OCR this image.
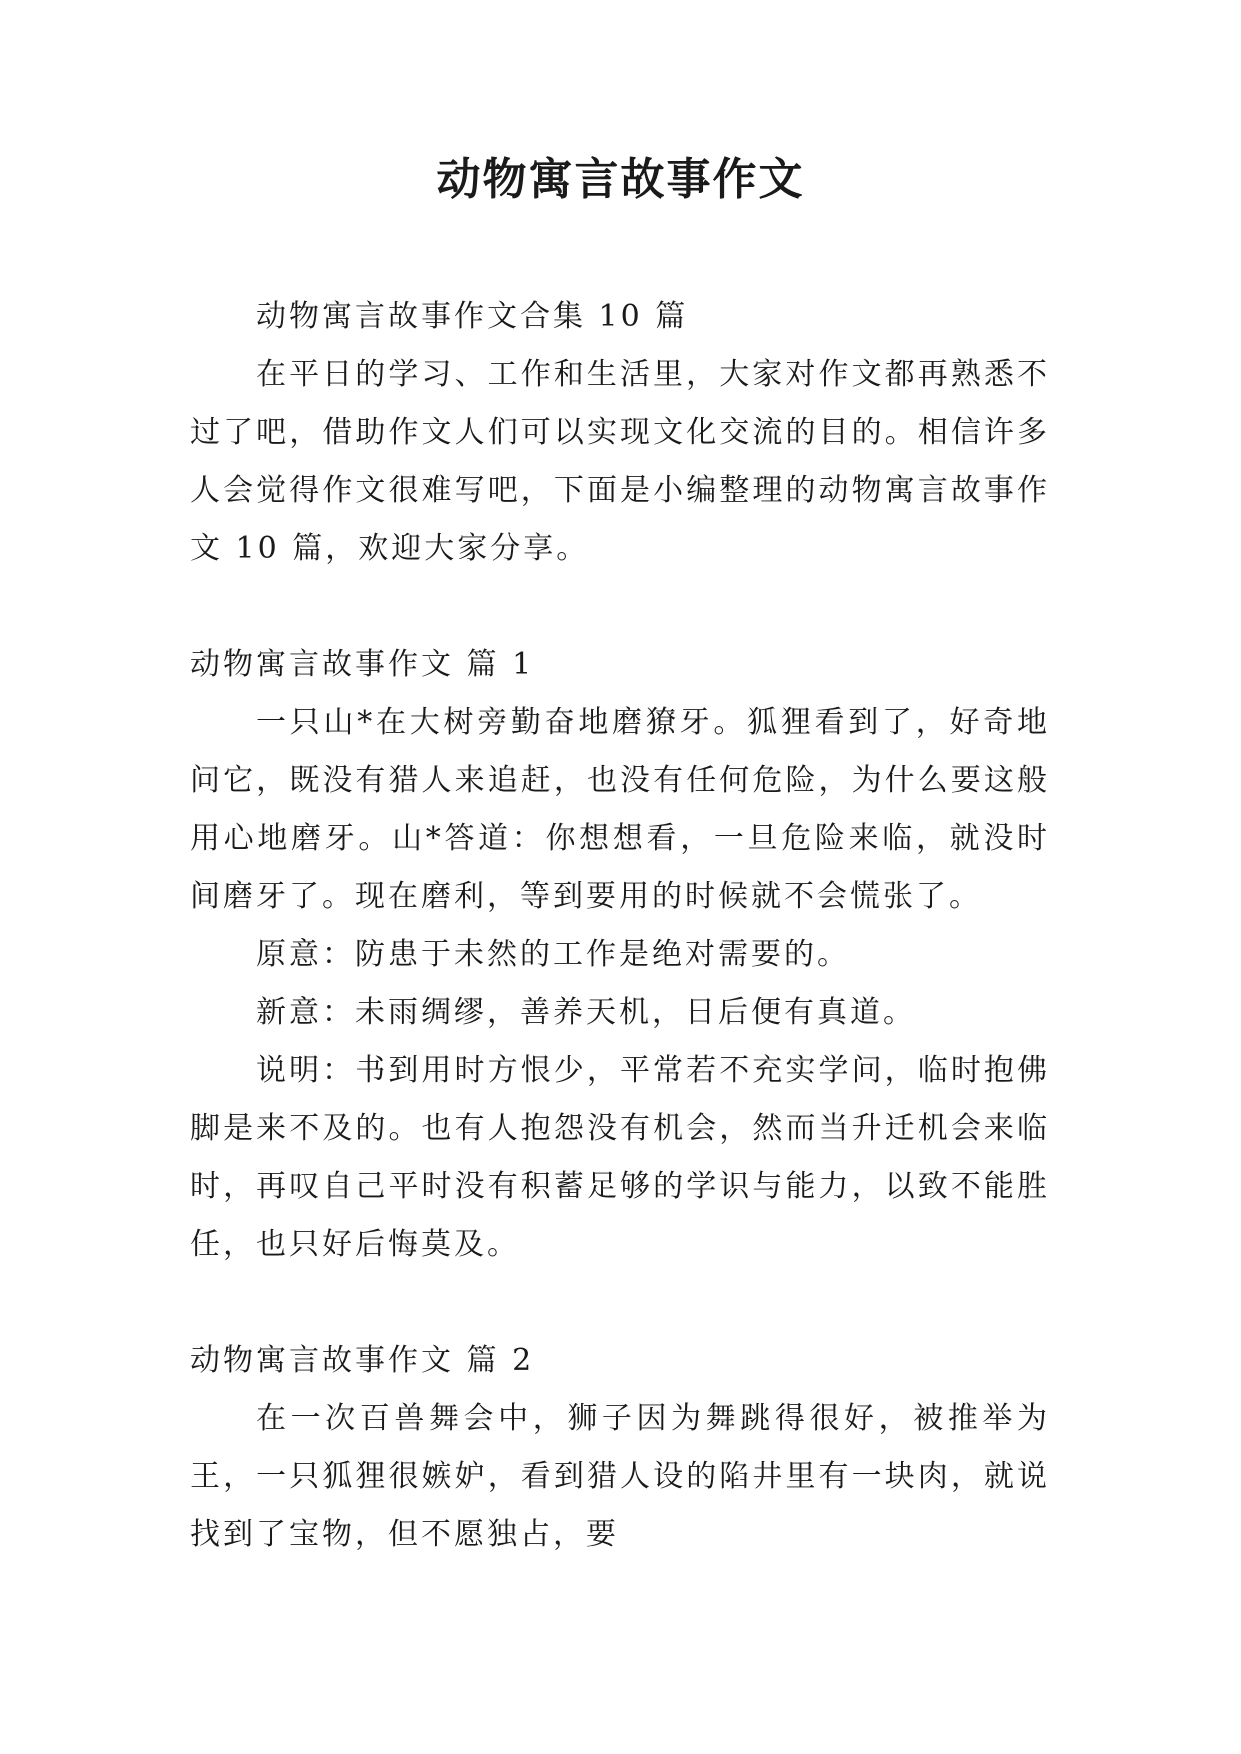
动物寓言故事作文

动物寓言故事作文合集 10 篇

在平日的学习、工作和生活里，大家对作文都再熟悉不过了吧，借助作文人们可以实现文化交流的目的。相信许多人会觉得作文很难写吧，下面是小编整理的动物寓言故事作文 10 篇，欢迎大家分享。

动物寓言故事作文 篇 1

一只山*在大树旁勤奋地磨獠牙。狐狸看到了，好奇地问它，既没有猎人来追赶，也没有任何危险，为什么要这般用心地磨牙。山*答道：你想想看，一旦危险来临，就没时间磨牙了。现在磨利，等到要用的时候就不会慌张了。

原意：防患于未然的工作是绝对需要的。

新意：未雨绸缪，善养天机，日后便有真道。

说明：书到用时方恨少，平常若不充实学问，临时抱佛脚是来不及的。也有人抱怨没有机会，然而当升迁机会来临时，再叹自己平时没有积蓄足够的学识与能力，以致不能胜任，也只好后悔莫及。

动物寓言故事作文 篇 2

在一次百兽舞会中，狮子因为舞跳得很好，被推举为王，一只狐狸很嫉妒，看到猎人设的陷井里有一块肉，就说找到了宝物，但不愿独占，要
